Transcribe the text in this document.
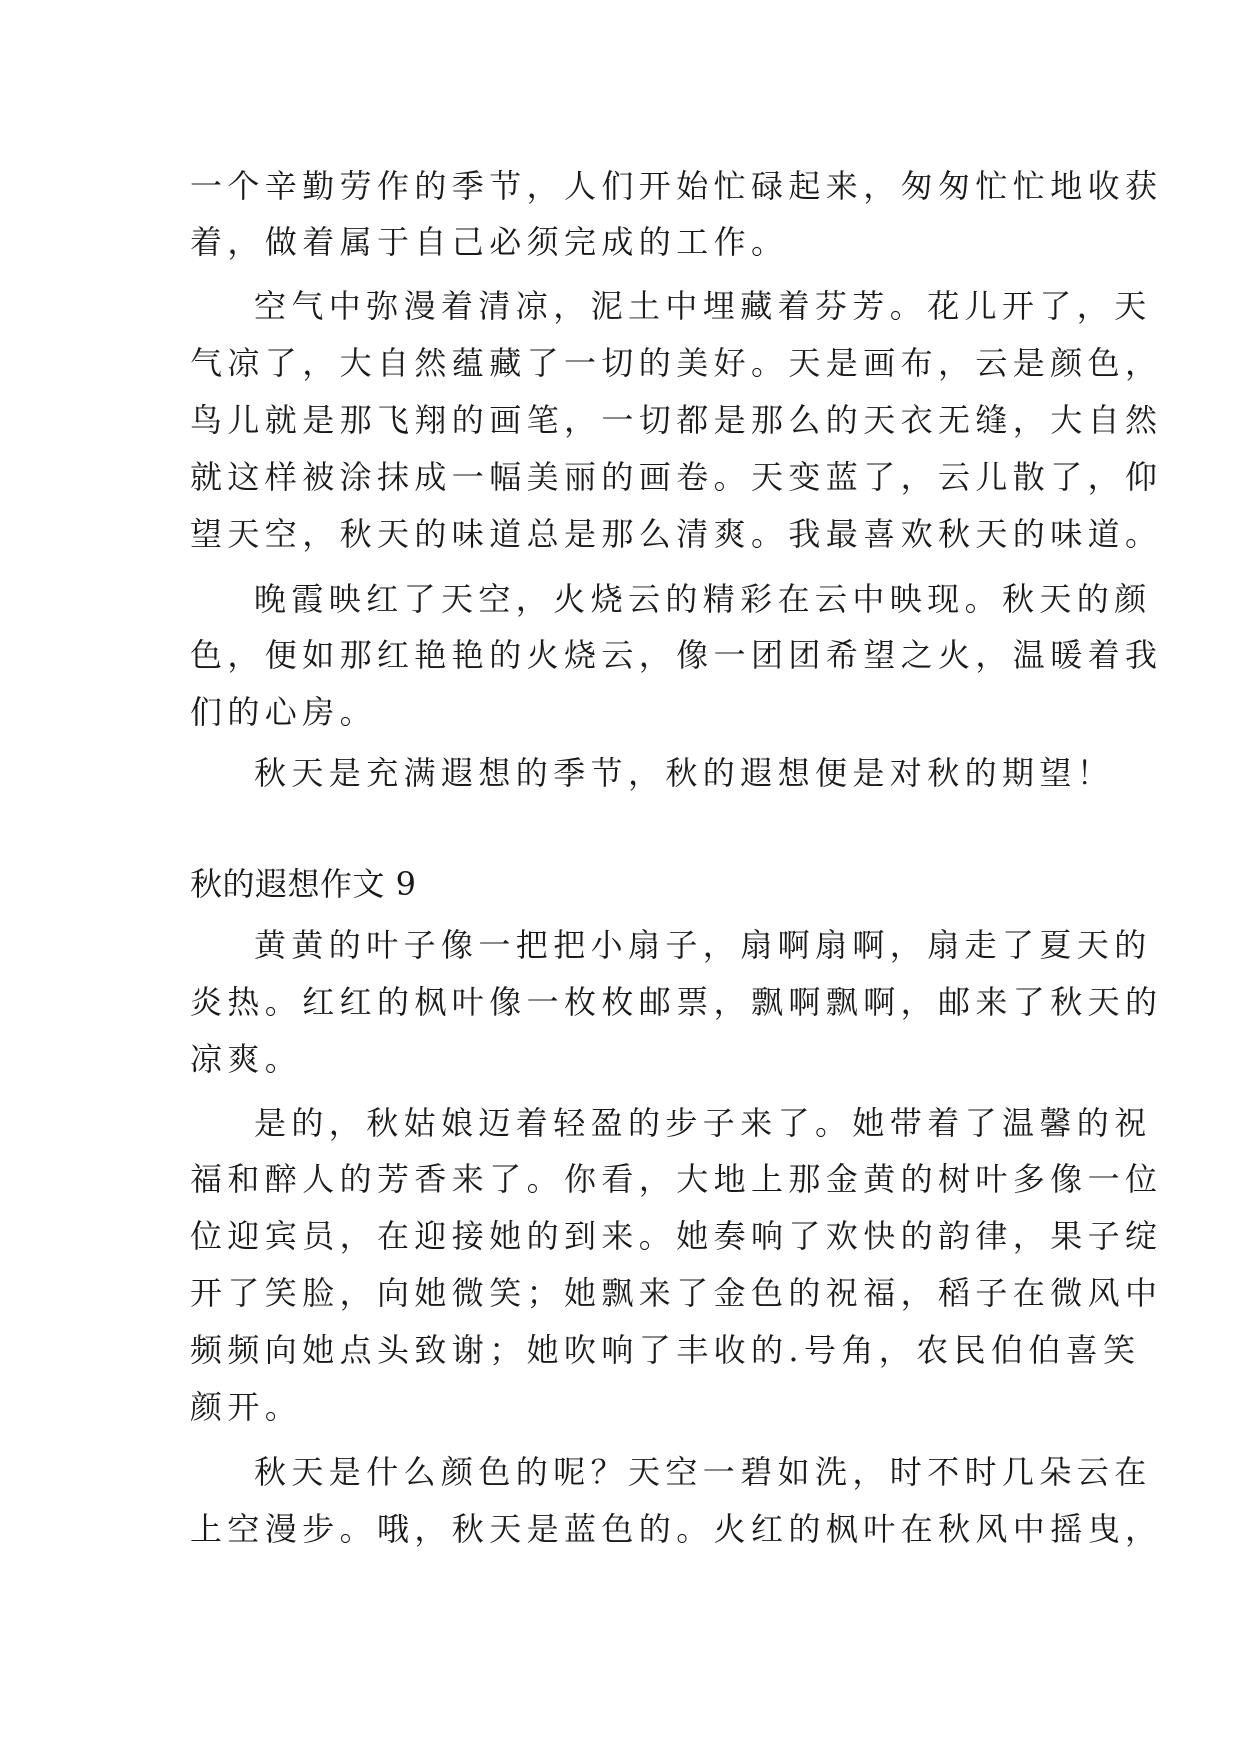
一个辛勤劳作的季节，人们开始忙碌起来，匆匆忙忙地收获
着，做着属于自己必须完成的工作。
空气中弥漫着清凉，泥土中埋藏着芬芳。花儿开了，天
气凉了，大自然蕴藏了一切的美好。天是画布，云是颜色，
鸟儿就是那飞翔的画笔，一切都是那么的天衣无缝，大自然
就这样被涂抹成一幅美丽的画卷。天变蓝了，云儿散了，仰
望天空，秋天的味道总是那么清爽。我最喜欢秋天的味道。
晚霞映红了天空，火烧云的精彩在云中映现。秋天的颜
色，便如那红艳艳的火烧云，像一团团希望之火，温暖着我
们的心房。
秋天是充满遐想的季节，秋的遐想便是对秋的期望！
秋的遐想作文 9
黄黄的叶子像一把把小扇子，扇啊扇啊，扇走了夏天的
炎热。红红的枫叶像一枚枚邮票，飘啊飘啊，邮来了秋天的
凉爽。
是的，秋姑娘迈着轻盈的步子来了。她带着了温馨的祝
福和醉人的芳香来了。你看，大地上那金黄的树叶多像一位
位迎宾员，在迎接她的到来。她奏响了欢快的韵律，果子绽
开了笑脸，向她微笑；她飘来了金色的祝福，稻子在微风中
频频向她点头致谢；她吹响了丰收的.号角，农民伯伯喜笑
颜开。
秋天是什么颜色的呢？天空一碧如洗，时不时几朵云在
上空漫步。哦，秋天是蓝色的。火红的枫叶在秋风中摇曳，
